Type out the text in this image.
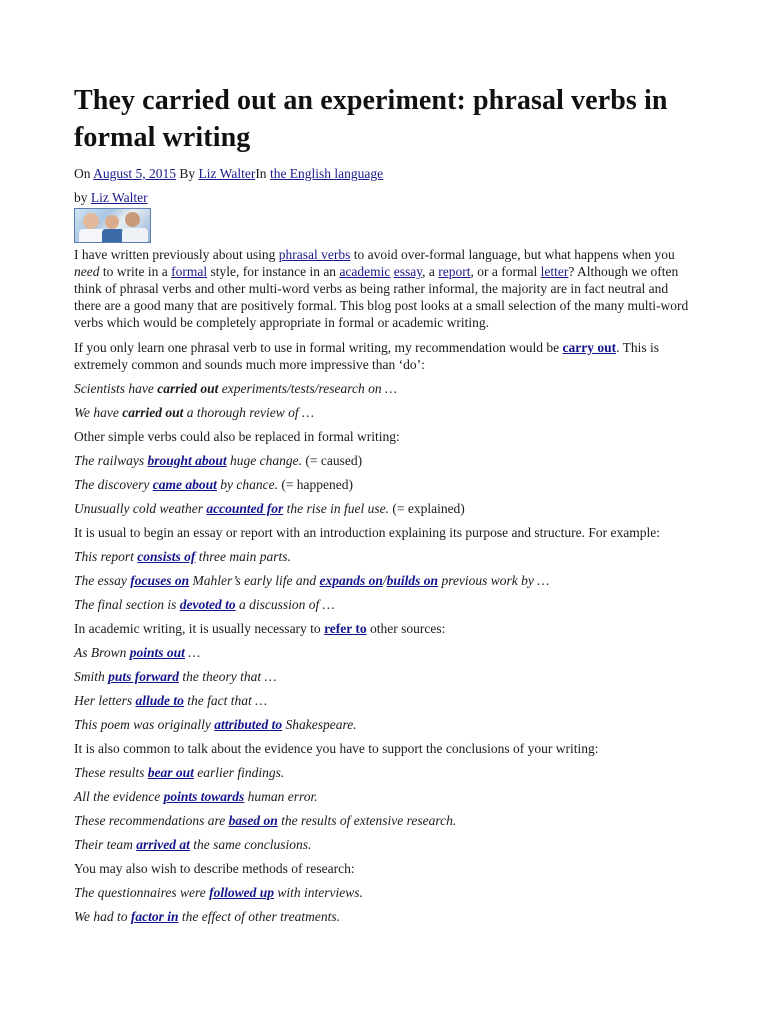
They carried out an experiment: phrasal verbs in formal writing
On August 5, 2015 By Liz WalterIn the English language
by Liz Walter

I have written previously about using phrasal verbs to avoid over-formal language, but what happens when you need to write in a formal style, for instance in an academic essay, a report, or a formal letter? Although we often think of phrasal verbs and other multi-word verbs as being rather informal, the majority are in fact neutral and there are a good many that are positively formal. This blog post looks at a small selection of the many multi-word verbs which would be completely appropriate in formal or academic writing.

If you only learn one phrasal verb to use in formal writing, my recommendation would be carry out. This is extremely common and sounds much more impressive than ‘do’:

Scientists have carried out experiments/tests/research on …
We have carried out a thorough review of …
Other simple verbs could also be replaced in formal writing:
The railways brought about huge change. (= caused)
The discovery came about by chance. (= happened)
Unusually cold weather accounted for the rise in fuel use. (= explained)
It is usual to begin an essay or report with an introduction explaining its purpose and structure. For example:
This report consists of three main parts.
The essay focuses on Mahler’s early life and expands on/builds on previous work by …
The final section is devoted to a discussion of …
In academic writing, it is usually necessary to refer to other sources:
As Brown points out …
Smith puts forward the theory that …
Her letters allude to the fact that …
This poem was originally attributed to Shakespeare.
It is also common to talk about the evidence you have to support the conclusions of your writing:
These results bear out earlier findings.
All the evidence points towards human error.
These recommendations are based on the results of extensive research.
Their team arrived at the same conclusions.
You may also wish to describe methods of research:
The questionnaires were followed up with interviews.
We had to factor in the effect of other treatments.
